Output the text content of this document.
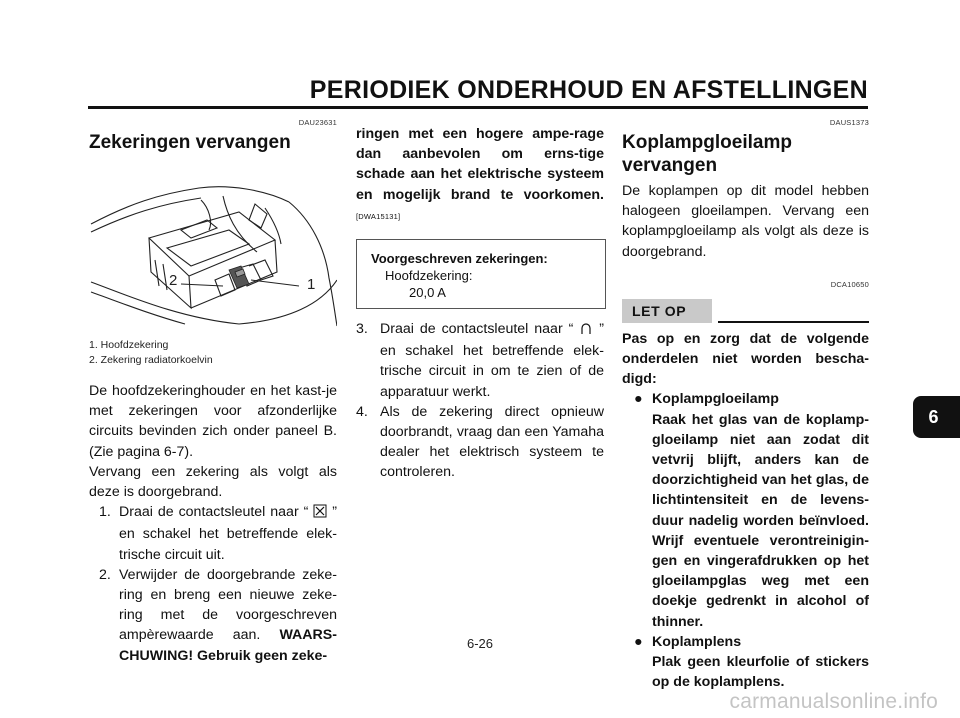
PERIODIEK ONDERHOUD EN AFSTELLINGEN
6
DAU23631
Zekeringen vervangen
2	1
1. Hoofdzekering
2. Zekering radiatorkoelvin
De hoofdzekeringhouder en het kast-je met zekeringen voor afzonderlijke circuits bevinden zich onder paneel B. (Zie pagina 6-7).
Vervang een zekering als volgt als deze is doorgebrand.
1. Draai de contactsleutel naar “ ” en schakel het betreffende elek-trische circuit uit.
2. Verwijder de doorgebrande zeke-ring en breng een nieuwe zeke-ring met de voorgeschreven ampèrewaarde aan. WAARS-CHUWING! Gebruik geen zeke-
ringen met een hogere ampe-rage dan aanbevolen om erns-tige schade aan het elektrische systeem en mogelijk brand te voorkomen. [DWA15131]
Voorgeschreven zekeringen:
Hoofdzekering:
20,0 A
3. Draai de contactsleutel naar “ ” en schakel het betreffende elek-trische circuit in om te zien of de apparatuur werkt.
4. Als de zekering direct opnieuw doorbrandt, vraag dan een Yamaha dealer het elektrisch systeem te controleren.
DAUS1373
Koplampgloeilamp vervangen
De koplampen op dit model hebben halogeen gloeilampen. Vervang een koplampgloeilamp als volgt als deze is doorgebrand.
DCA10650
LET OP
Pas op en zorg dat de volgende onderdelen niet worden bescha-digd:
● Koplampgloeilamp
Raak het glas van de koplamp-gloeilamp niet aan zodat dit vetvrij blijft, anders kan de doorzichtigheid van het glas, de lichtintensiteit en de levens-duur nadelig worden beïnvloed. Wrijf eventuele verontreinigin-gen en vingerafdrukken op het gloeilampglas weg met een doekje gedrenkt in alcohol of thinner.
● Koplamplens
Plak geen kleurfolie of stickers op de koplamplens.
6-26
carmanualsonline.info
